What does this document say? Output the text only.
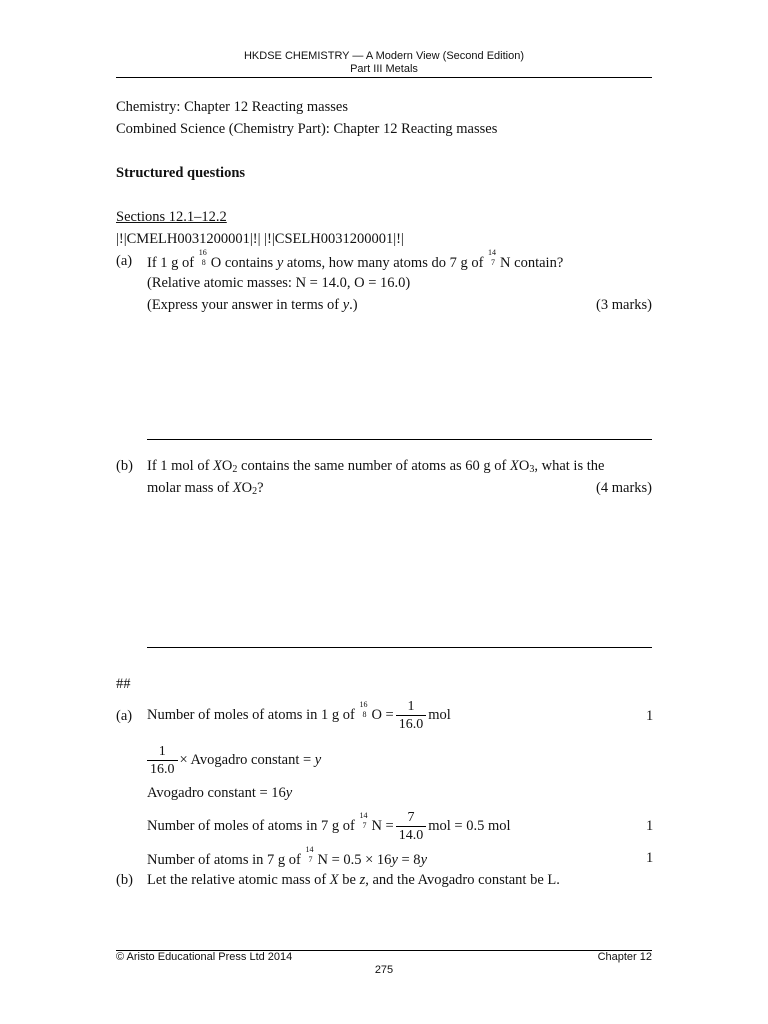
HKDSE CHEMISTRY — A Modern View (Second Edition)
Part III Metals
Chemistry: Chapter 12 Reacting masses
Combined Science (Chemistry Part): Chapter 12 Reacting masses
Structured questions
Sections 12.1–12.2
|!|CMELH0031200001|!| |!|CSELH0031200001|!|
(a) If 1 g of
16
8 O contains y atoms, how many atoms do 7 g of
14
7 N contain?
(Relative atomic masses: N = 14.0, O = 16.0)
(Express your answer in terms of y.)	(3 marks)
(b) If 1 mol of $XO_2$ contains the same number of atoms as 60 g of $XO_3$, what is the
molar mass of $XO_2$?	(4 marks)
##
(a) Number of moles of atoms in 1 g of
16
8 $O = \frac{1}{16.0}$ mol	1
$\frac{1}{16.0}$ × Avogadro constant = y
Avogadro constant = 16y
Number of moles of atoms in 7 g of
14
7 $N = \frac{7}{14.0}$ mol = 0.5 mol	1
Number of atoms in 7 g of
14
7 N = 0.5 × 16y = 8y	1
(b) Let the relative atomic mass of X be z, and the Avogadro constant be L.
© Aristo Educational Press Ltd 2014	Chapter 12
275
